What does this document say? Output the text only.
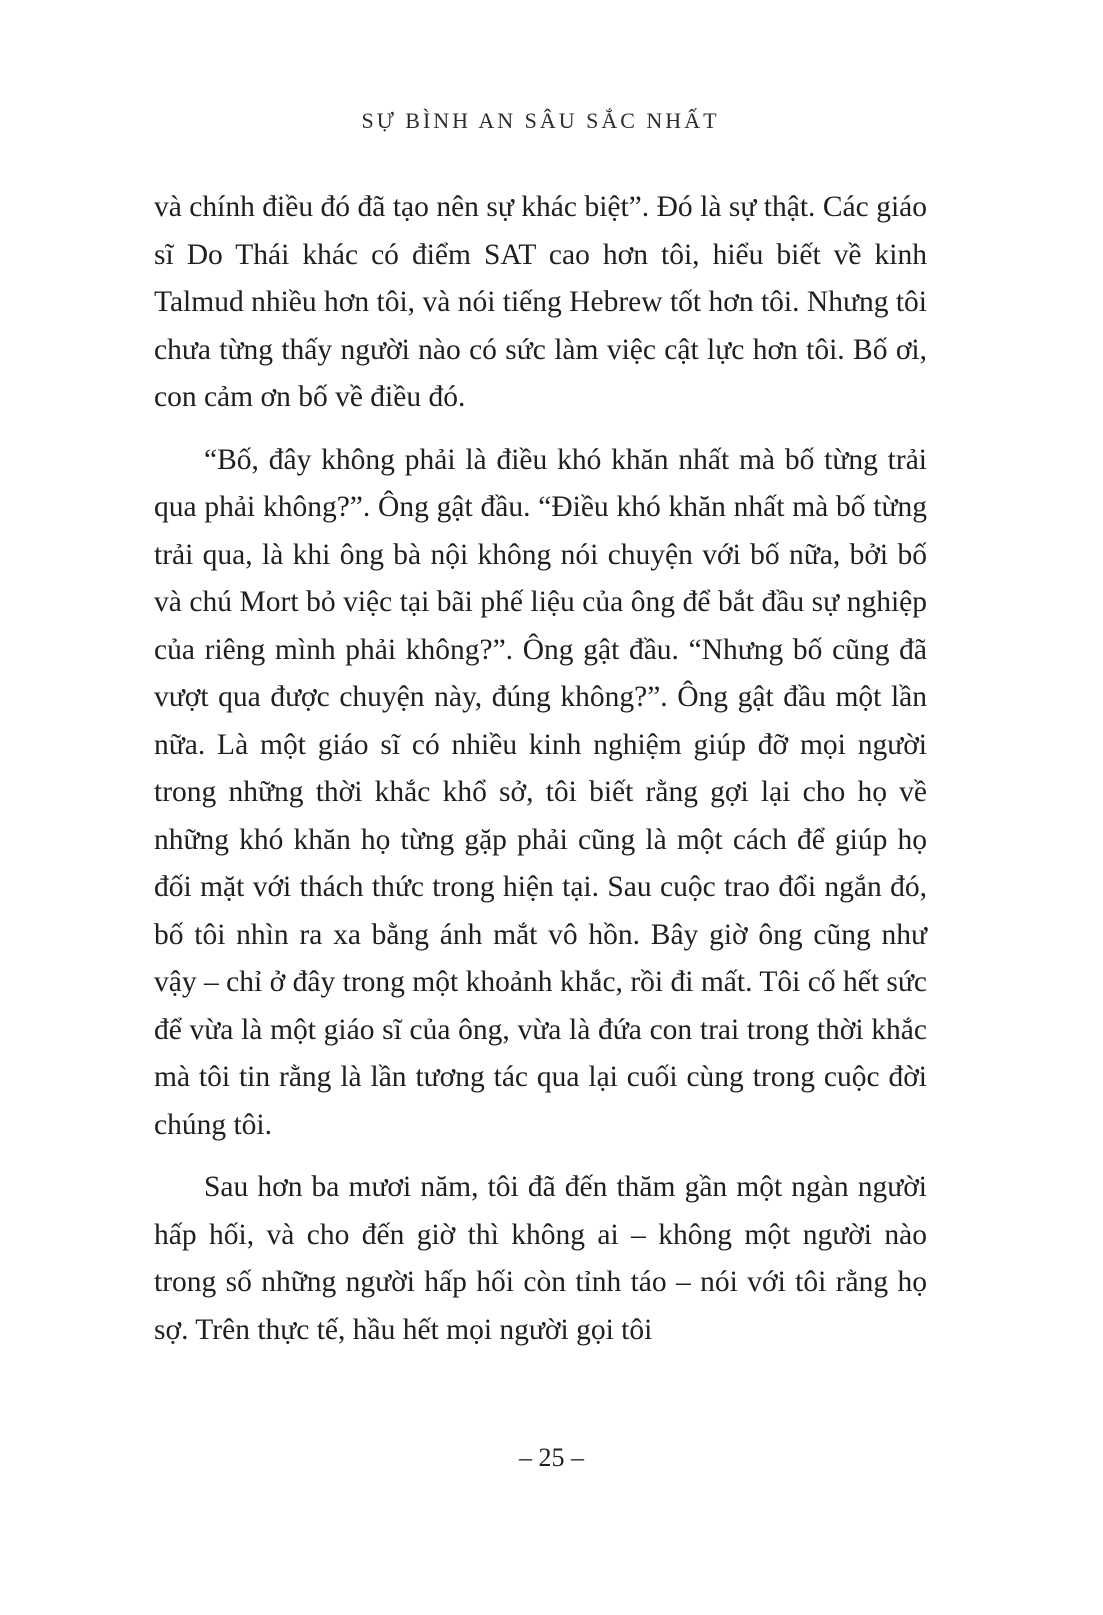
SỰ BÌNH AN SÂU SẮC NHẤT

và chính điều đó đã tạo nên sự khác biệt”. Đó là sự thật. Các giáo sĩ Do Thái khác có điểm SAT cao hơn tôi, hiểu biết về kinh Talmud nhiều hơn tôi, và nói tiếng Hebrew tốt hơn tôi. Nhưng tôi chưa từng thấy người nào có sức làm việc cật lực hơn tôi. Bố ơi, con cảm ơn bố về điều đó.

“Bố, đây không phải là điều khó khăn nhất mà bố từng trải qua phải không?”. Ông gật đầu. “Điều khó khăn nhất mà bố từng trải qua, là khi ông bà nội không nói chuyện với bố nữa, bởi bố và chú Mort bỏ việc tại bãi phế liệu của ông để bắt đầu sự nghiệp của riêng mình phải không?”. Ông gật đầu. “Nhưng bố cũng đã vượt qua được chuyện này, đúng không?”. Ông gật đầu một lần nữa. Là một giáo sĩ có nhiều kinh nghiệm giúp đỡ mọi người trong những thời khắc khổ sở, tôi biết rằng gợi lại cho họ về những khó khăn họ từng gặp phải cũng là một cách để giúp họ đối mặt với thách thức trong hiện tại. Sau cuộc trao đổi ngắn đó, bố tôi nhìn ra xa bằng ánh mắt vô hồn. Bây giờ ông cũng như vậy – chỉ ở đây trong một khoảnh khắc, rồi đi mất. Tôi cố hết sức để vừa là một giáo sĩ của ông, vừa là đứa con trai trong thời khắc mà tôi tin rằng là lần tương tác qua lại cuối cùng trong cuộc đời chúng tôi.

Sau hơn ba mươi năm, tôi đã đến thăm gần một ngàn người hấp hối, và cho đến giờ thì không ai – không một người nào trong số những người hấp hối còn tỉnh táo – nói với tôi rằng họ sợ. Trên thực tế, hầu hết mọi người gọi tôi

– 25 –
